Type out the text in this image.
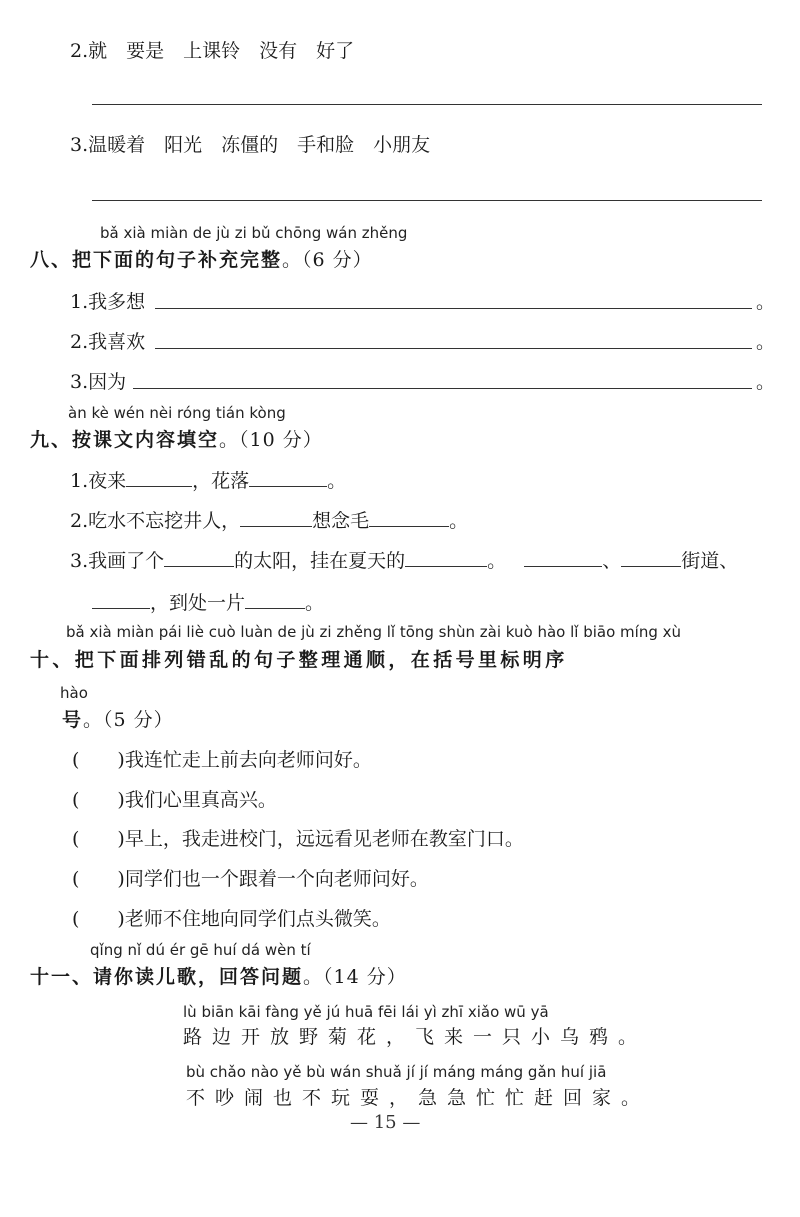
2.就　要是　上课铃　没有　好了
3.温暖着　阳光　冻僵的　手和脸　小朋友
bǎ xià miàn de jù zi bǔ chōng wán zhěng
八、把下面的句子补充完整。（6 分）
1.我多想	。
2.我喜欢	。
3.因为	。
àn kè wén nèi róng tián kòng
九、按课文内容填空。（10 分）
1.夜来	，花落	。
2.吃水不忘挖井人，	想念毛	。
3.我画了个	的太阳，挂在夏天的	。	、	街道、
，到处一片	。
bǎ xià miàn pái liè cuò luàn de jù zi zhěng lǐ tōng shùn zài kuò hào lǐ biāo míng xù
十、把下面排列错乱的句子整理通顺，在括号里标明序
hào
号。（5 分）
(　　)我连忙走上前去向老师问好。
(　　)我们心里真高兴。
(　　)早上，我走进校门，远远看见老师在教室门口。
(　　)同学们也一个跟着一个向老师问好。
(　　)老师不住地向同学们点头微笑。
qǐng nǐ dú ér gē huí dá wèn tí
十一、请你读儿歌，回答问题。（14 分）
lù biān kāi fàng yě jú huā fēi lái yì zhī xiǎo wū yā
路边开放野菊花，飞来一只小乌鸦。
bù chǎo nào yě bù wán shuǎ jí jí máng máng gǎn huí jiā
不吵闹也不玩耍，急急忙忙赶回家。
— 15 —
